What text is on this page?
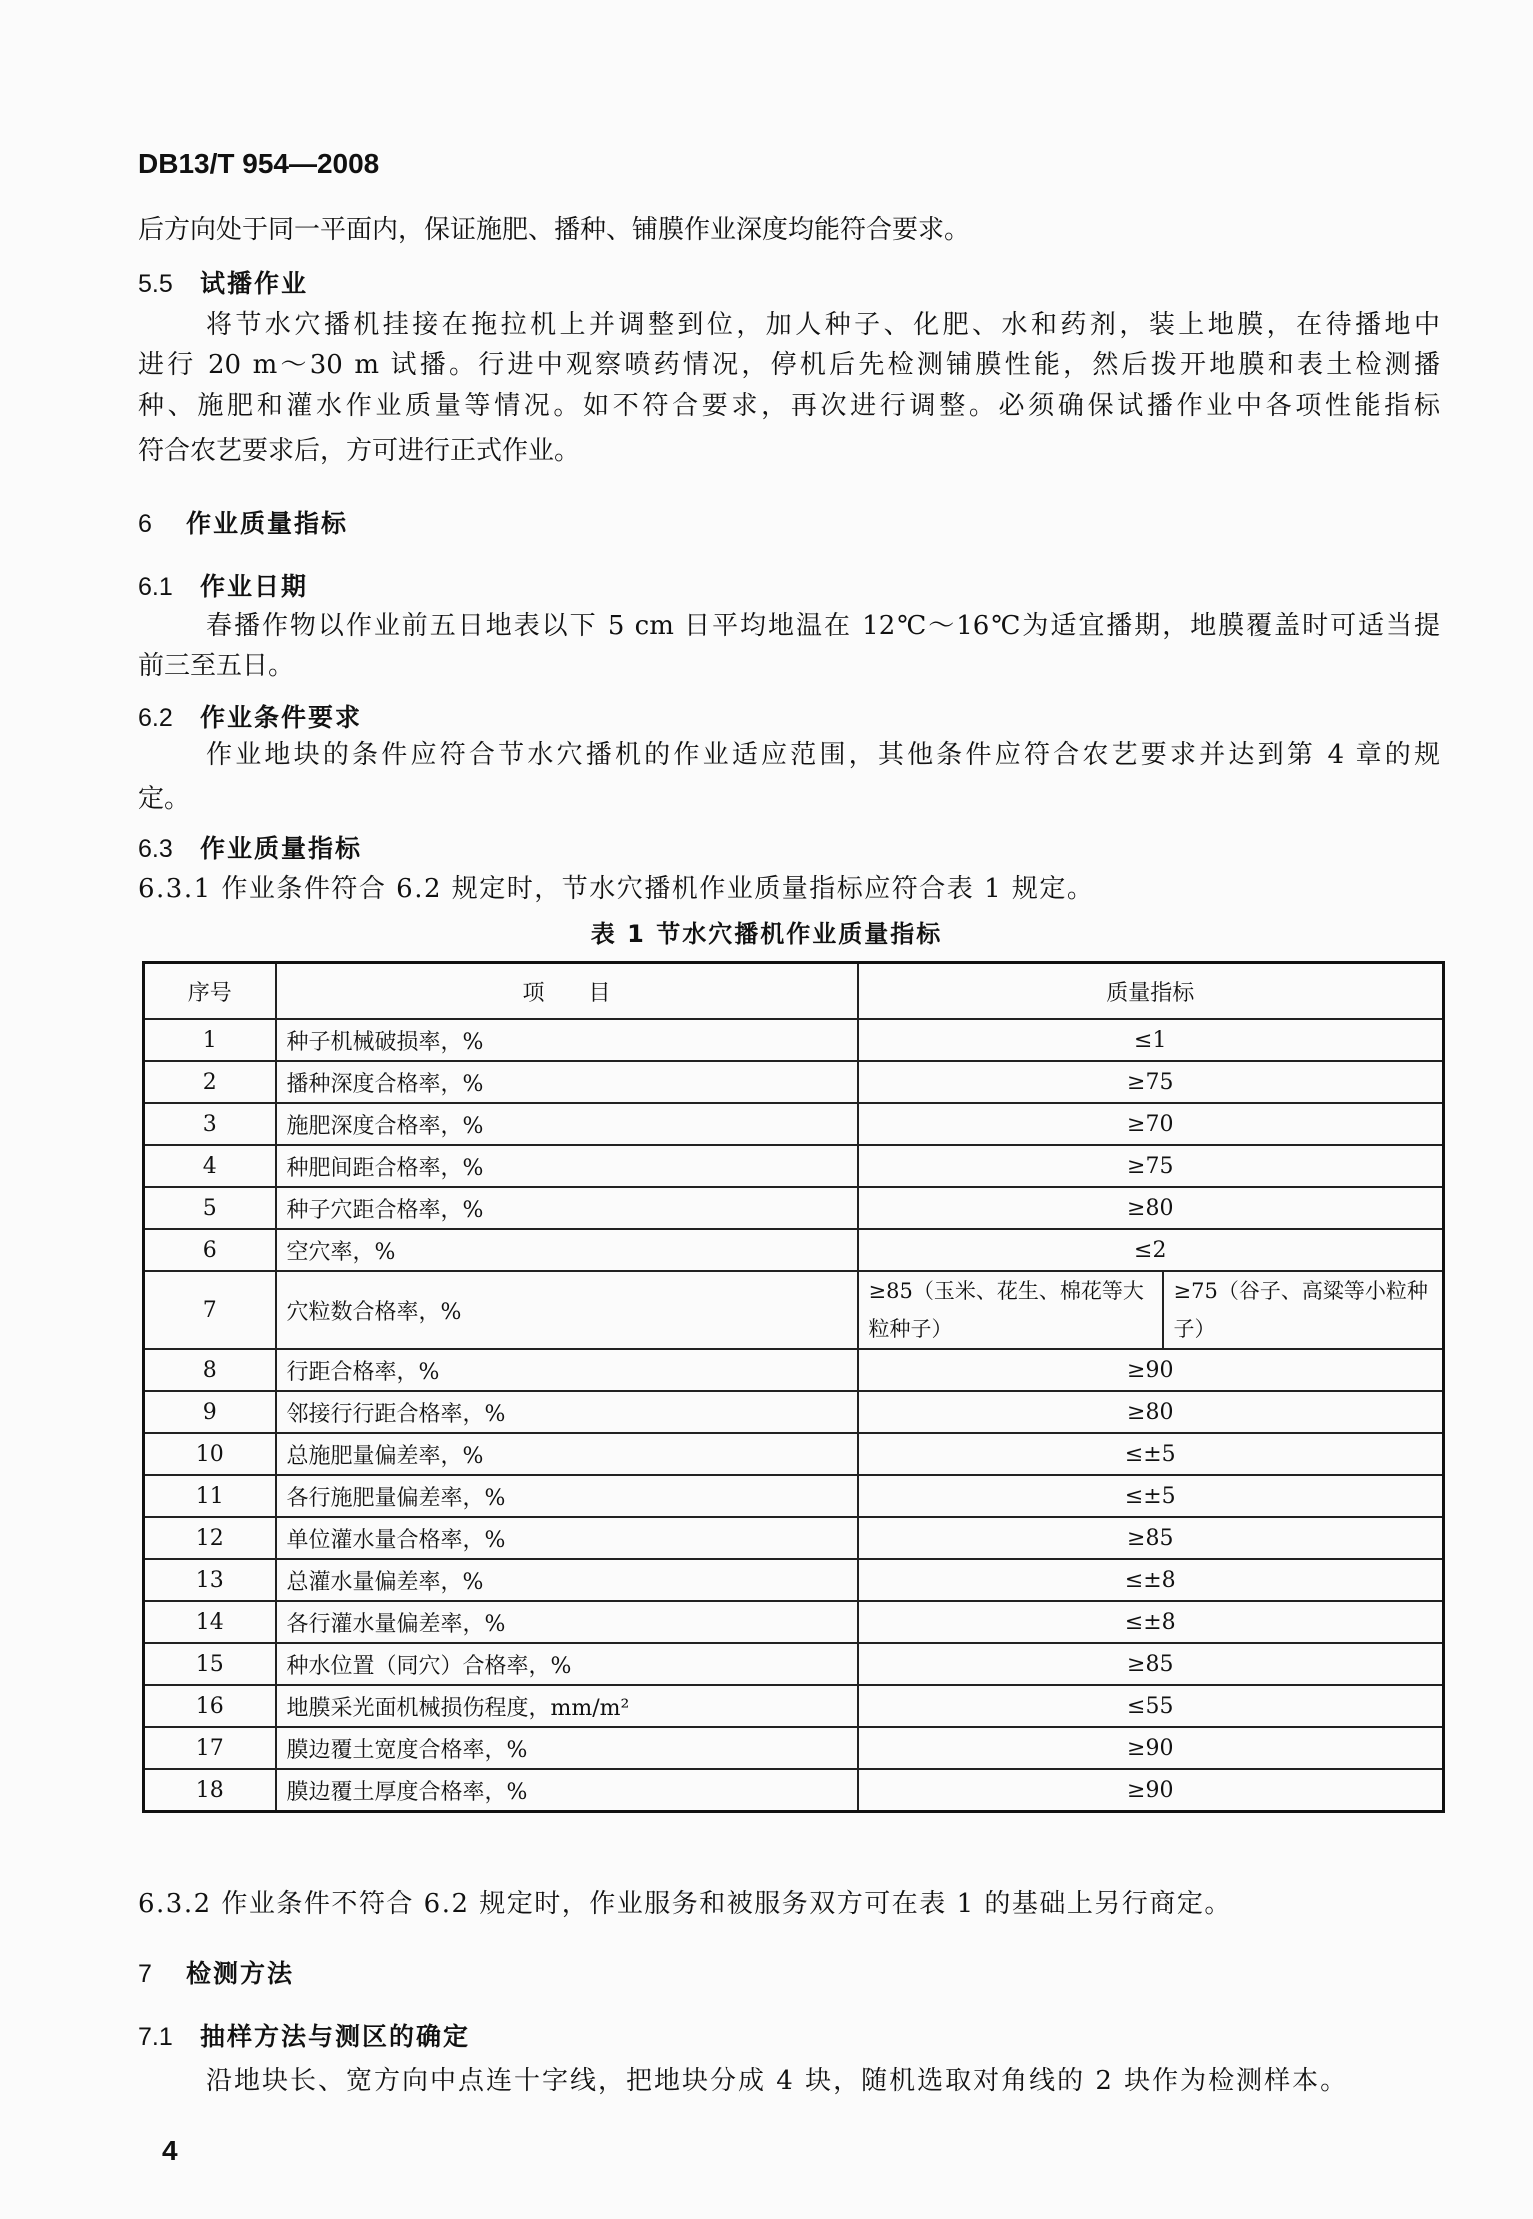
DB13/T 954—2008
后方向处于同一平面内，保证施肥、播种、铺膜作业深度均能符合要求。
5.5 试播作业
将节水穴播机挂接在拖拉机上并调整到位，加人种子、化肥、水和药剂，装上地膜，在待播地中
进行 20 m～30 m 试播。行进中观察喷药情况，停机后先检测铺膜性能，然后拨开地膜和表土检测播
种、施肥和灌水作业质量等情况。如不符合要求，再次进行调整。必须确保试播作业中各项性能指标
符合农艺要求后，方可进行正式作业。
6 作业质量指标
6.1 作业日期
春播作物以作业前五日地表以下 5 cm 日平均地温在 12℃～16℃为适宜播期，地膜覆盖时可适当提
前三至五日。
6.2 作业条件要求
作业地块的条件应符合节水穴播机的作业适应范围，其他条件应符合农艺要求并达到第 4 章的规
定。
6.3 作业质量指标
6.3.1 作业条件符合 6.2 规定时，节水穴播机作业质量指标应符合表 1 规定。
表 1 节水穴播机作业质量指标
序号	项　　目	质量指标	
1	种子机械破损率，%	≤1	
2	播种深度合格率，%	≥75	
3	施肥深度合格率，%	≥70	
4	种肥间距合格率，%	≥75	
5	种子穴距合格率，%	≥80	
6	空穴率，%	≤2	
7	穴粒数合格率，%	≥85（玉米、花生、棉花等大粒种子）	≥75（谷子、高粱等小粒种子）
8	行距合格率，%	≥90	
9	邻接行行距合格率，%	≥80	
10	总施肥量偏差率，%	≤±5	
11	各行施肥量偏差率，%	≤±5	
12	单位灌水量合格率，%	≥85	
13	总灌水量偏差率，%	≤±8	
14	各行灌水量偏差率，%	≤±8	
15	种水位置（同穴）合格率，%	≥85	
16	地膜采光面机械损伤程度，mm/m²	≤55	
17	膜边覆土宽度合格率，%	≥90	
18	膜边覆土厚度合格率，%	≥90	
6.3.2 作业条件不符合 6.2 规定时，作业服务和被服务双方可在表 1 的基础上另行商定。
7 检测方法
7.1 抽样方法与测区的确定
沿地块长、宽方向中点连十字线，把地块分成 4 块，随机选取对角线的 2 块作为检测样本。
4
